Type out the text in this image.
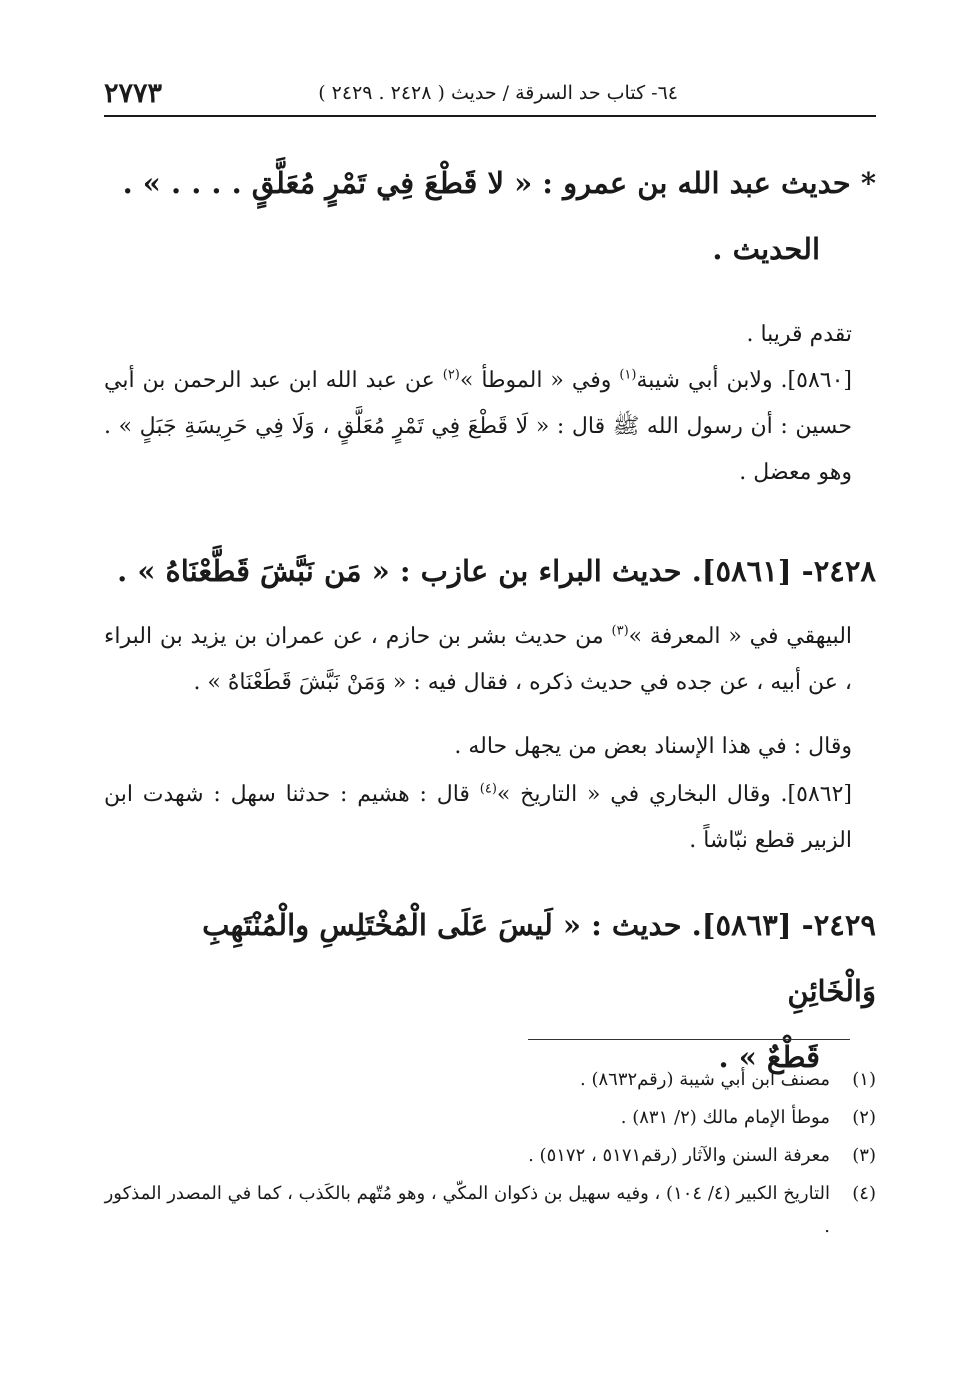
٢٧٧٣	٦٤- كتاب حد السرقة / حديث ( ٢٤٢٨ . ٢٤٢٩ )
* حديث عبد الله بن عمرو : « لا قَطْعَ فِي تَمْرٍ مُعَلَّقٍ . . . . » .
الحديث .
تقدم قريبا .
[٥٨٦٠]. ولابن أبي شيبة$^{(١)}$ وفي « الموطأ »$^{(٢)}$ عن عبد الله ابن عبد الرحمن بن أبي حسين : أن رسول الله ﷺ قال : « لَا قَطْعَ فِي تَمْرٍ مُعَلَّقٍ ، وَلَا فِي حَرِيسَةِ جَبَلٍ » . وهو معضل .
٢٤٢٨- [٥٨٦١]. حديث البراء بن عازب : « مَن نَبَّشَ قَطَّعْنَاهُ » .
البيهقي في « المعرفة »$^{(٣)}$ من حديث بشر بن حازم ، عن عمران بن يزيد بن البراء ، عن أبيه ، عن جده في حديث ذكره ، فقال فيه : « وَمَنْ نَبَّشَ قَطَعْنَاهُ » .
وقال : في هذا الإسناد بعض من يجهل حاله .
[٥٨٦٢]. وقال البخاري في « التاريخ »$^{(٤)}$ قال : هشيم : حدثنا سهل : شهدت ابن الزبير قطع نبّاشاً .
٢٤٢٩- [٥٨٦٣]. حديث : « لَيسَ عَلَى الْمُخْتَلِسِ والْمُنْتَهِبِ وَالْخَائِنِ
قَطْعٌ » .
(١)
مصنف ابن أبي شيبة (رقم٨٦٣٢) .
(٢)
موطأ الإمام مالك (٢/ ٨٣١) .
(٣)
معرفة السنن والآثار (رقم٥١٧١ ، ٥١٧٢) .
(٤)
التاريخ الكبير (٤/ ١٠٤) ، وفيه سهيل بن ذكوان المكّي ، وهو مُتّهم بالكَذب ، كما في المصدر المذكور .
